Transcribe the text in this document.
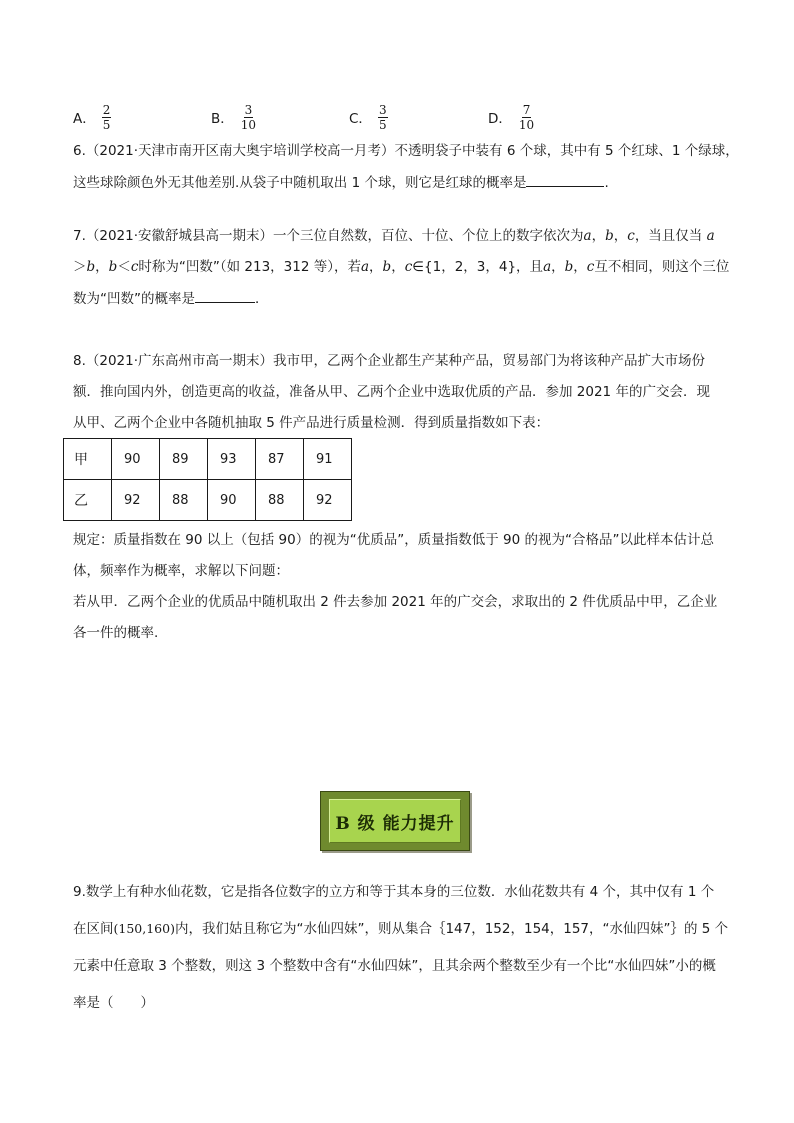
A． $\frac{2}{5}$	B． $\frac{3}{10}$	C． $\frac{3}{5}$	D． $\frac{7}{10}$
6.（2021·天津市南开区南大奥宇培训学校高一月考）不透明袋子中装有 6 个球，其中有 5 个红球、1 个绿球，
这些球除颜色外无其他差别.从袋子中随机取出 1 个球，则它是红球的概率是	.
7.（2021·安徽舒城县高一期末）一个三位自然数，百位、十位、个位上的数字依次为a，b，c，当且仅当 a
＞b，b＜c时称为“凹数”（如 213，312 等），若a，b，c∈{1，2，3，4}，且a，b，c互不相同，则这个三位
数为“凹数”的概率是	．
8.（2021·广东高州市高一期末）我市甲，乙两个企业都生产某种产品，贸易部门为将该种产品扩大市场份
额．推向国内外，创造更高的收益，准备从甲、乙两个企业中选取优质的产品．参加 2021 年的广交会．现
从甲、乙两个企业中各随机抽取 5 件产品进行质量检测．得到质量指数如下表：
甲	90	89	93	87	91
乙	92	88	90	88	92
规定：质量指数在 90 以上（包括 90）的视为“优质品”，质量指数低于 90 的视为“合格品”以此样本估计总
体，频率作为概率，求解以下问题：
若从甲．乙两个企业的优质品中随机取出 2 件去参加 2021 年的广交会，求取出的 2 件优质品中甲，乙企业
各一件的概率.
B 级 能力提升
9.数学上有种水仙花数，它是指各位数字的立方和等于其本身的三位数．水仙花数共有 4 个，其中仅有 1 个
在区间(150,160)内，我们姑且称它为“水仙四妹”，则从集合｛147，152，154，157，“水仙四妹”｝的 5 个
元素中任意取 3 个整数，则这 3 个整数中含有“水仙四妹”，且其余两个整数至少有一个比“水仙四妹”小的概
率是（　　）
